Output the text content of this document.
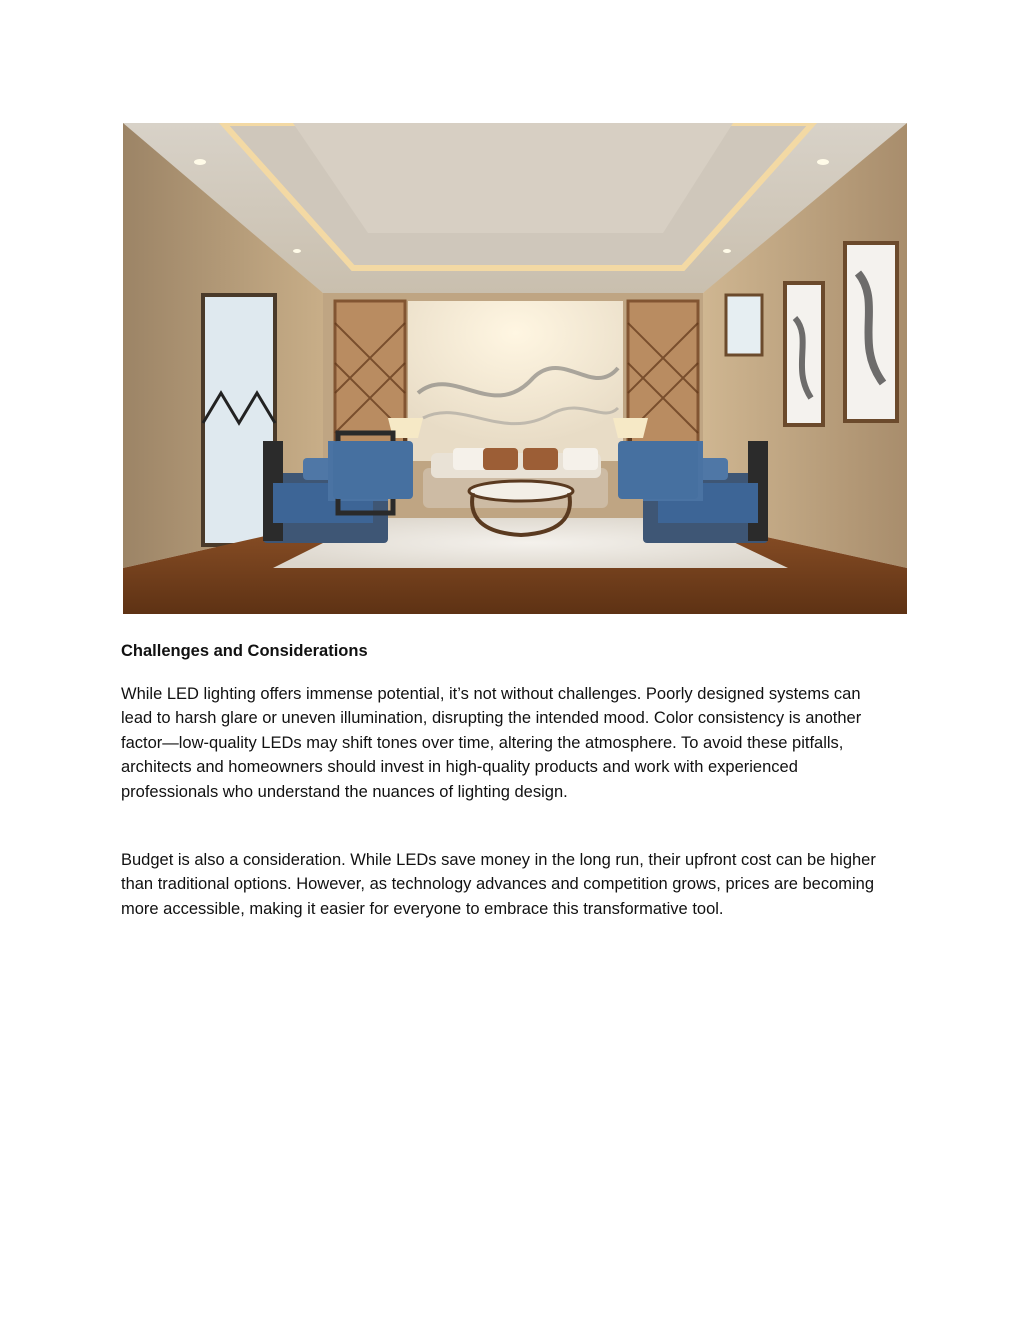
Challenges and Considerations

While LED lighting offers immense potential, it’s not without challenges. Poorly designed systems can lead to harsh glare or uneven illumination, disrupting the intended mood. Color consistency is another factor—low-quality LEDs may shift tones over time, altering the atmosphere. To avoid these pitfalls, architects and homeowners should invest in high-quality products and work with experienced professionals who understand the nuances of lighting design.

Budget is also a consideration. While LEDs save money in the long run, their upfront cost can be higher than traditional options. However, as technology advances and competition grows, prices are becoming more accessible, making it easier for everyone to embrace this transformative tool.
